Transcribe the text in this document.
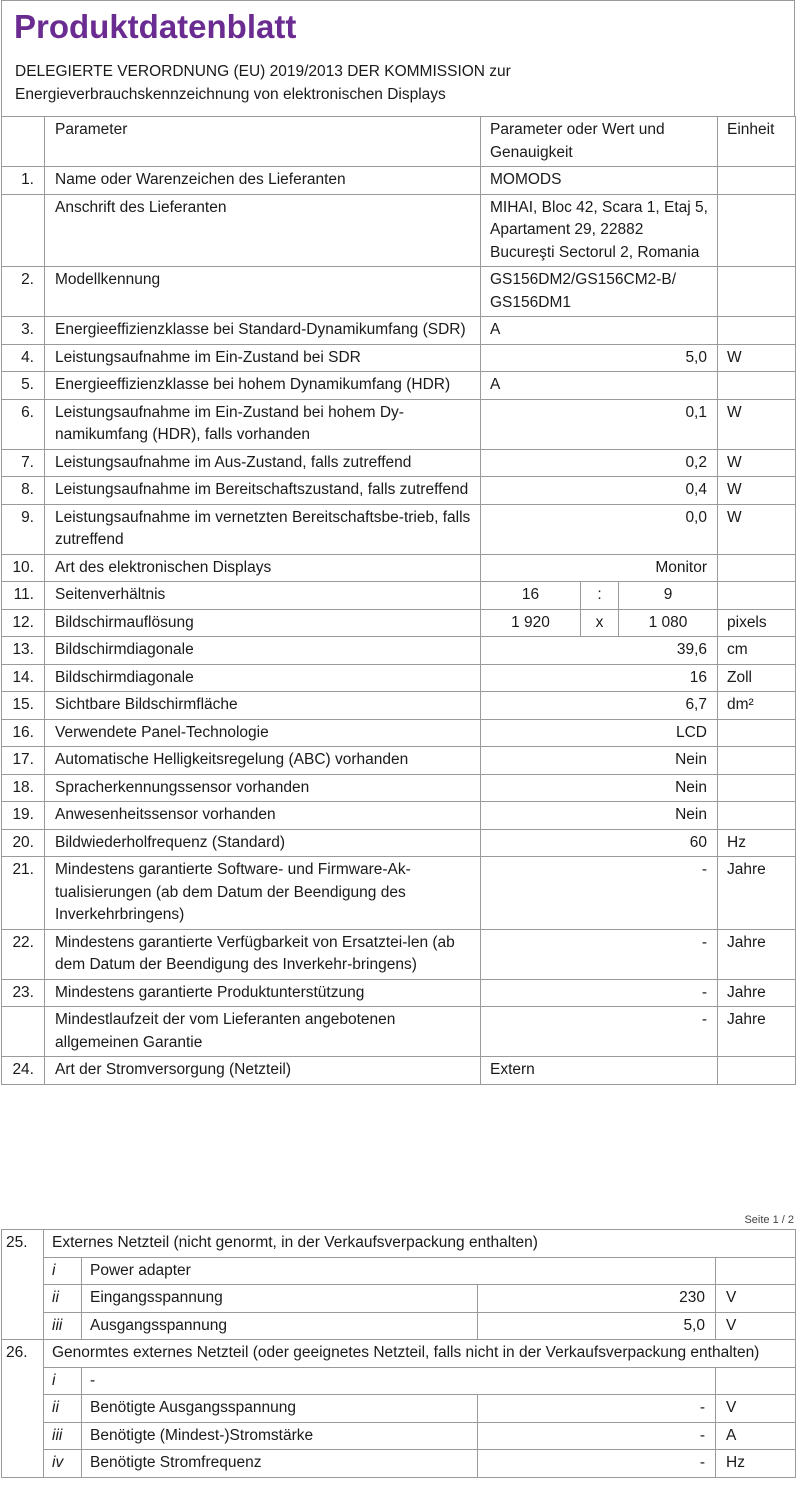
Produktdatenblatt
DELEGIERTE VERORDNUNG (EU) 2019/2013 DER KOMMISSION zur
Energieverbrauchskennzeichnung von elektronischen Displays
	Parameter	Parameter oder Wert und Genauigkeit			Einheit
1.	Name oder Warenzeichen des Lieferanten	MOMODS			
	Anschrift des Lieferanten	MIHAI, Bloc 42, Scara 1, Etaj 5, Apartament 29, 22882 Bucureşti Sectorul 2, Romania			
2.	Modellkennung	GS156DM2/GS156CM2-B/ GS156DM1			
3.	Energieeffizienzklasse bei Standard-Dynamikumfang (SDR)	A			
4.	Leistungsaufnahme im Ein-Zustand bei SDR	5,0			W
5.	Energieeffizienzklasse bei hohem Dynamikumfang (HDR)	A			
6.	Leistungsaufnahme im Ein-Zustand bei hohem Dy-namikumfang (HDR), falls vorhanden	0,1			W
7.	Leistungsaufnahme im Aus-Zustand, falls zutreffend	0,2			W
8.	Leistungsaufnahme im Bereitschaftszustand, falls zutreffend	0,4			W
9.	Leistungsaufnahme im vernetzten Bereitschaftsbe-trieb, falls zutreffend	0,0			W
10.	Art des elektronischen Displays	Monitor			
11.	Seitenverhältnis	16	:	9	
12.	Bildschirmauflösung	1 920	x	1 080	pixels
13.	Bildschirmdiagonale	39,6			cm
14.	Bildschirmdiagonale	16			Zoll
15.	Sichtbare Bildschirmfläche	6,7			dm²
16.	Verwendete Panel-Technologie	LCD			
17.	Automatische Helligkeitsregelung (ABC) vorhanden	Nein			
18.	Spracherkennungssensor vorhanden	Nein			
19.	Anwesenheitssensor vorhanden	Nein			
20.	Bildwiederholfrequenz (Standard)	60			Hz
21.	Mindestens garantierte Software- und Firmware-Ak-tualisierungen (ab dem Datum der Beendigung des Inverkehrbringens)	-			Jahre
22.	Mindestens garantierte Verfügbarkeit von Ersatztei-len (ab dem Datum der Beendigung des Inverkehr-bringens)	-			Jahre
23.	Mindestens garantierte Produktunterstützung	-			Jahre
	Mindestlaufzeit der vom Lieferanten angebotenen allgemeinen Garantie	-			Jahre
24.	Art der Stromversorgung (Netzteil)	Extern			
Seite 1 / 2
25.	Externes Netzteil (nicht genormt, in der Verkaufsverpackung enthalten)			
	i	Power adapter		
	ii	Eingangsspannung	230	V
	iii	Ausgangsspannung	5,0	V
26.	Genormtes externes Netzteil (oder geeignetes Netzteil, falls nicht in der Verkaufsverpackung enthalten)			
	i	-		
	ii	Benötigte Ausgangsspannung	-	V
	iii	Benötigte (Mindest-)Stromstärke	-	A
	iv	Benötigte Stromfrequenz	-	Hz
